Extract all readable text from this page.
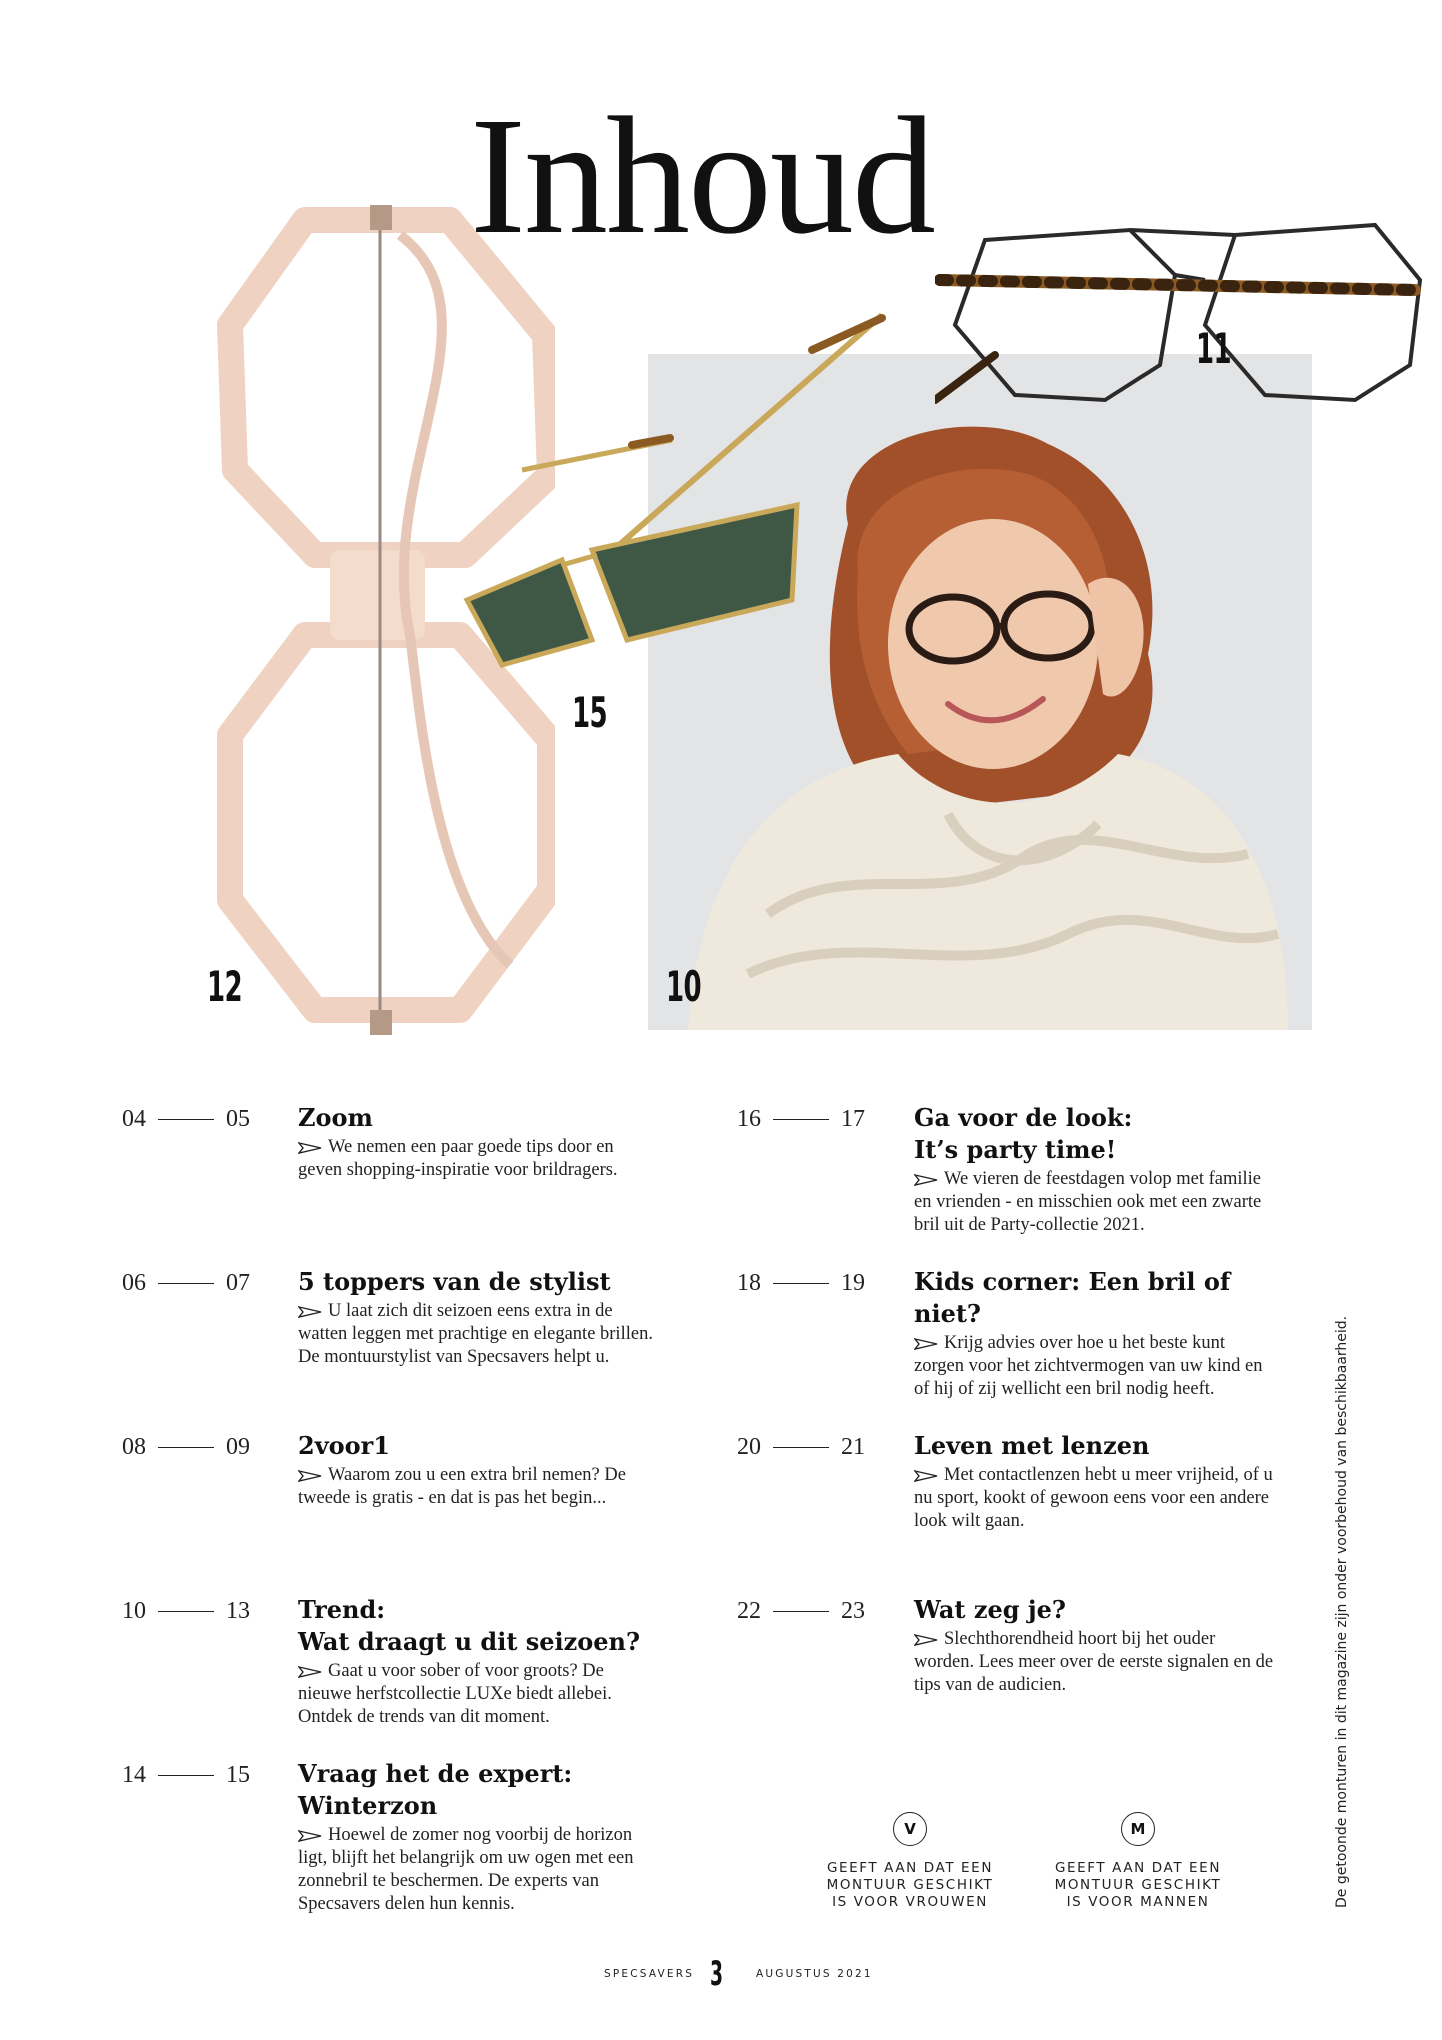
Inhoud
12
15
11
10
04	05 Zoom
We nemen een paar goede tips door en geven shopping-inspiratie voor brildragers.
06	07 5 toppers van de stylist
U laat zich dit seizoen eens extra in de watten leggen met prachtige en elegante brillen. De montuurstylist van Specsavers helpt u.
08	09 2voor1
Waarom zou u een extra bril nemen? De tweede is gratis - en dat is pas het begin...
10	13 Trend:
Wat draagt u dit seizoen?
Gaat u voor sober of voor groots? De nieuwe herfstcollectie LUXe biedt allebei. Ontdek de trends van dit moment.
14	15 Vraag het de expert:
Winterzon
Hoewel de zomer nog voorbij de horizon ligt, blijft het belangrijk om uw ogen met een zonnebril te beschermen. De experts van Specsavers delen hun kennis.
16	17 Ga voor de look:
It’s party time!
We vieren de feestdagen volop met familie en vrienden - en misschien ook met een zwarte bril uit de Party-collectie 2021.
18	19 Kids corner: Een bril of niet?
Krijg advies over hoe u het beste kunt zorgen voor het zichtvermogen van uw kind en of hij of zij wellicht een bril nodig heeft.
20	21 Leven met lenzen
Met contactlenzen hebt u meer vrijheid, of u nu sport, kookt of gewoon eens voor een andere look wilt gaan.
22	23 Wat zeg je?
Slechthorendheid hoort bij het ouder worden. Lees meer over de eerste signalen en de tips van de audicien.
V
GEEFT AAN DAT EEN
MONTUUR GESCHIKT
IS VOOR VROUWEN
M
GEEFT AAN DAT EEN
MONTUUR GESCHIKT
IS VOOR MANNEN	De getoonde monturen in dit magazine zijn onder voorbehoud van beschikbaarheid.
SPECSAVERS 3	AUGUSTUS 2021
